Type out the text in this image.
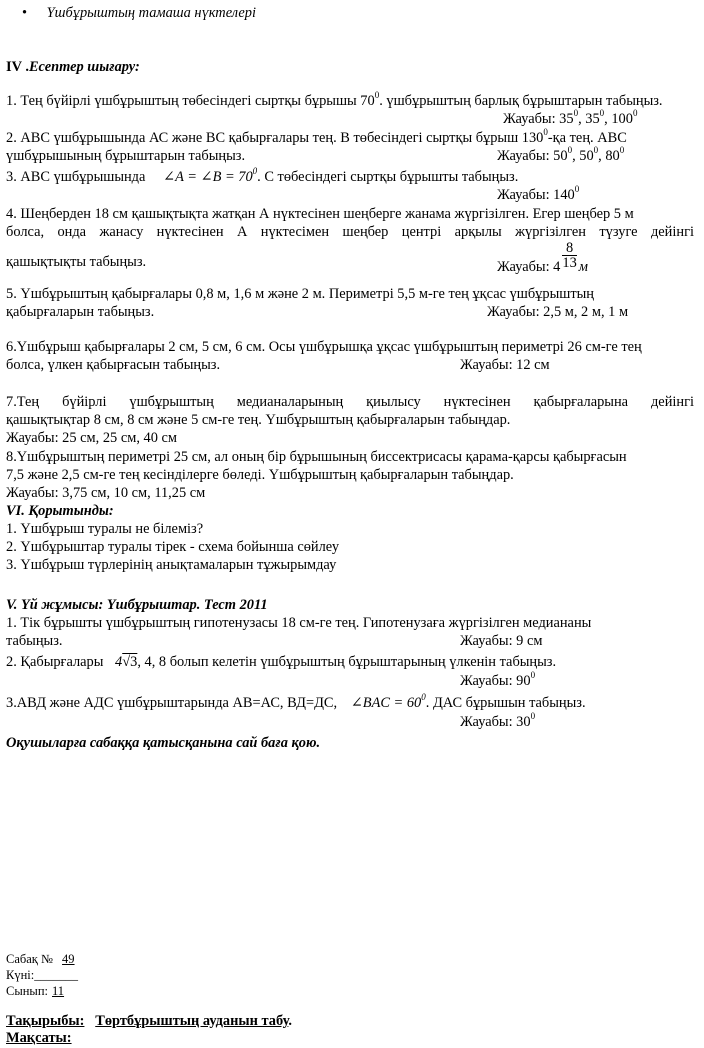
• Үшбұрыштың тамаша нүктелері
IV .Есептер шығару:
1. Тең бүйірлі үшбұрыштың төбесіндегі сыртқы бұрышы $70^0$. үшбұрыштың барлық бұрыштарын табыңыз.
Жауабы: $35^0$, $35^0$, $100^0$
2. АВС үшбұрышында АС және ВС қабырғалары тең. В төбесіндегі сыртқы бұрыш $130^0-қа$ тең. АВС
үшбұрышының бұрыштарын табыңыз.	Жауабы: $50^0$, $50^0$, $80^0$
3. АВС үшбұрышында ∠A = ∠B = $70^0$. С төбесіндегі сыртқы бұрышты табыңыз.
Жауабы: $140^0$
4. Шеңберден 18 см қашықтықта жатқан А нүктесінен шеңберге жанама жүргізілген. Егер шеңбер 5 м
болса, онда жанасу нүктесінен А нүктесімен шеңбер центрі арқылы жүргізілген түзуге дейінгі
қашықтықты табыңыз.	Жауабы: $4 \frac{8}{13}$ м
5. Үшбұрыштың қабырғалары 0,8 м, 1,6 м және 2 м. Периметрі 5,5 м-ге тең ұқсас үшбұрыштың
қабырғаларын табыңыз.	Жауабы: 2,5 м, 2 м, 1 м
6.Үшбұрыш қабырғалары 2 см, 5 см, 6 см. Осы үшбұрышқа ұқсас үшбұрыштың периметрі 26 см-ге тең
болса, үлкен қабырғасын табыңыз.	Жауабы: 12 см
7.Тең бүйірлі үшбұрыштың медианаларының қиылысу нүктесінен қабырғаларына дейінгі
қашықтықтар 8 см, 8 см және 5 см-ге тең. Үшбұрыштың қабырғаларын табыңдар.
Жауабы: 25 см, 25 см, 40 см
8.Үшбұрыштың периметрі 25 см, ал оның бір бұрышының биссектрисасы қарама-қарсы қабырғасын
7,5 және 2,5 см-ге тең кесінділерге бөледі. Үшбұрыштың қабырғаларын табыңдар.
Жауабы: 3,75 см, 10 см, 11,25 см
VI. Қорытынды:
1. Үшбұрыш туралы не білеміз?
2. Үшбұрыштар туралы тірек - схема бойынша сөйлеу
3. Үшбұрыш түрлерінің анықтамаларын тұжырымдау
V. Үй жұмысы: Үшбұрыштар. Тест 2011
1. Тік бұрышты үшбұрыштың гипотенузасы 18 см-ге тең. Гипотенузаға жүргізілген медиананы
табыңыз.	Жауабы: 9 см
2. Қабырғалары 4√3, 4, 8 болып келетін үшбұрыштың бұрыштарының үлкенін табыңыз.
Жауабы: $90^0$
3.АВД және АДС үшбұрыштарында АВ=АС, ВД=ДС, ∠BAC = $60^0$. ДАС бұрышын табыңыз.
Жауабы: $30^0$
Оқушыларға сабаққа қатысқанына сай баға қою.
Сабақ № 49
Күні:_______
Сынып: 11
Тақырыбы: Төртбұрыштың ауданын табу.
Мақсаты:
